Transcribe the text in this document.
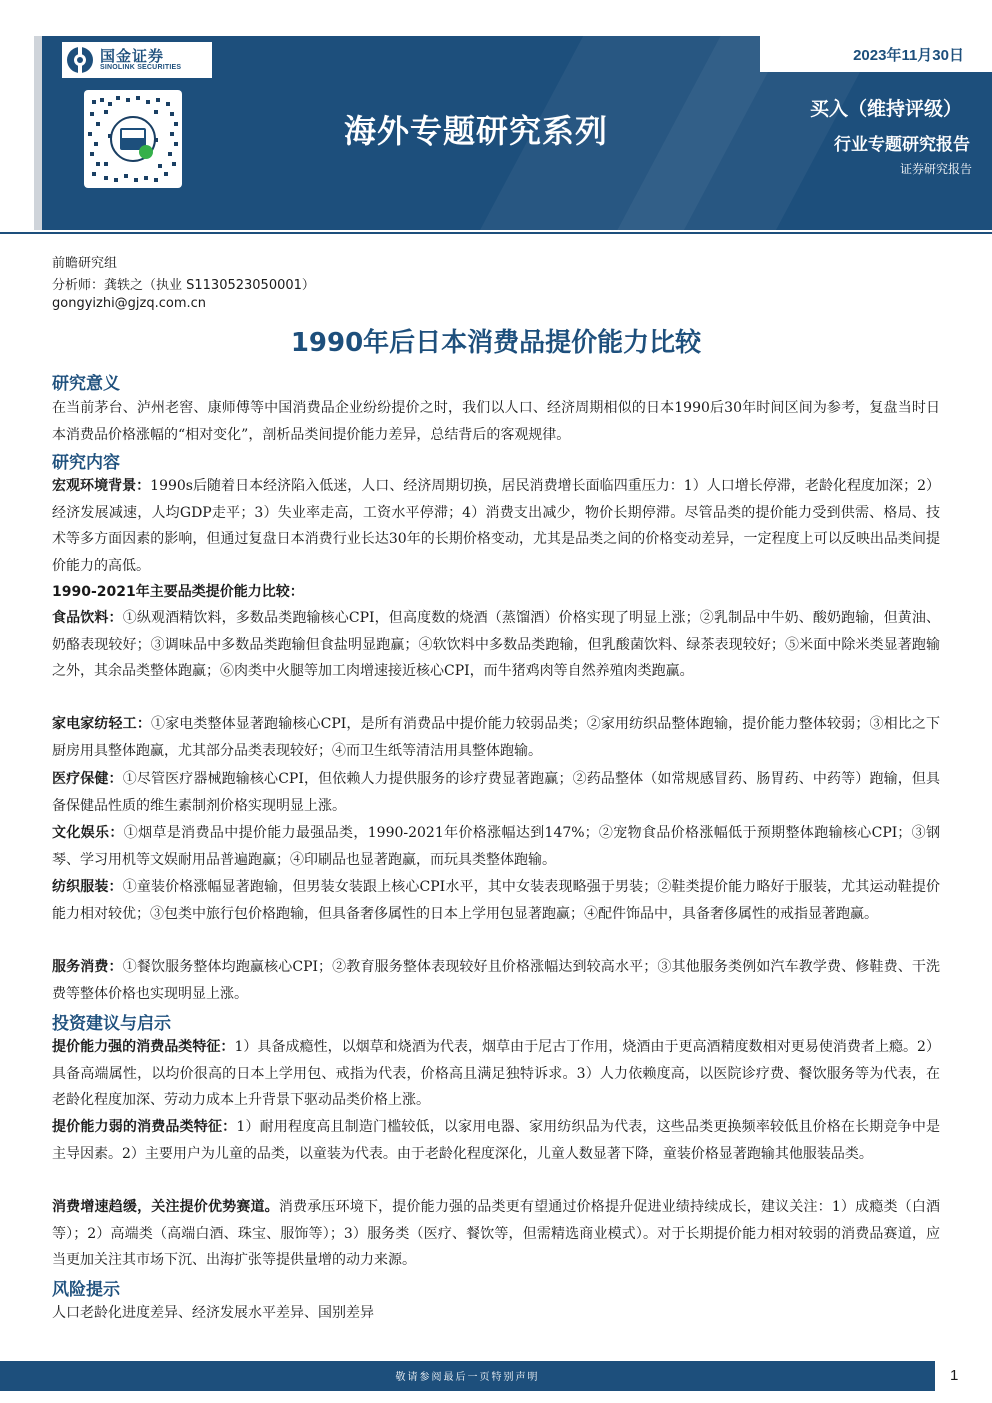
国金证券
SINOLINK SECURITIES
海外专题研究系列
2023年11月30日
买入（维持评级）
行业专题研究报告
证券研究报告
前瞻研究组
分析师：龚轶之（执业 S1130523050001）
gongyizhi@gjzq.com.cn
1990年后日本消费品提价能力比较
研究意义
在当前茅台、泸州老窖、康师傅等中国消费品企业纷纷提价之时，我们以人口、经济周期相似的日本1990后30年时间区间为参考，复盘当时日本消费品价格涨幅的“相对变化”，剖析品类间提价能力差异，总结背后的客观规律。
研究内容
宏观环境背景：1990s后随着日本经济陷入低迷，人口、经济周期切换，居民消费增长面临四重压力：1）人口增长停滞，老龄化程度加深；2）经济发展减速，人均GDP走平；3）失业率走高，工资水平停滞；4）消费支出减少，物价长期停滞。尽管品类的提价能力受到供需、格局、技术等多方面因素的影响，但通过复盘日本消费行业长达30年的长期价格变动，尤其是品类之间的价格变动差异，一定程度上可以反映出品类间提价能力的高低。
1990-2021年主要品类提价能力比较：
食品饮料：①纵观酒精饮料，多数品类跑输核心CPI，但高度数的烧酒（蒸馏酒）价格实现了明显上涨；②乳制品中牛奶、酸奶跑输，但黄油、奶酪表现较好；③调味品中多数品类跑输但食盐明显跑赢；④软饮料中多数品类跑输，但乳酸菌饮料、绿茶表现较好；⑤米面中除米类显著跑输之外，其余品类整体跑赢；⑥肉类中火腿等加工肉增速接近核心CPI，而牛猪鸡肉等自然养殖肉类跑赢。
家电家纺轻工：①家电类整体显著跑输核心CPI，是所有消费品中提价能力较弱品类；②家用纺织品整体跑输，提价能力整体较弱；③相比之下厨房用具整体跑赢，尤其部分品类表现较好；④而卫生纸等清洁用具整体跑输。
医疗保健：①尽管医疗器械跑输核心CPI，但依赖人力提供服务的诊疗费显著跑赢；②药品整体（如常规感冒药、肠胃药、中药等）跑输，但具备保健品性质的维生素制剂价格实现明显上涨。
文化娱乐：①烟草是消费品中提价能力最强品类，1990-2021年价格涨幅达到147%；②宠物食品价格涨幅低于预期整体跑输核心CPI；③钢琴、学习用机等文娱耐用品普遍跑赢；④印刷品也显著跑赢，而玩具类整体跑输。
纺织服装：①童装价格涨幅显著跑输，但男装女装跟上核心CPI水平，其中女装表现略强于男装；②鞋类提价能力略好于服装，尤其运动鞋提价能力相对较优；③包类中旅行包价格跑输，但具备奢侈属性的日本上学用包显著跑赢；④配件饰品中，具备奢侈属性的戒指显著跑赢。
服务消费：①餐饮服务整体均跑赢核心CPI；②教育服务整体表现较好且价格涨幅达到较高水平；③其他服务类例如汽车教学费、修鞋费、干洗费等整体价格也实现明显上涨。
投资建议与启示
提价能力强的消费品类特征：1）具备成瘾性，以烟草和烧酒为代表，烟草由于尼古丁作用，烧酒由于更高酒精度数相对更易使消费者上瘾。2）具备高端属性，以均价很高的日本上学用包、戒指为代表，价格高且满足独特诉求。3）人力依赖度高，以医院诊疗费、餐饮服务等为代表，在老龄化程度加深、劳动力成本上升背景下驱动品类价格上涨。
提价能力弱的消费品类特征：1）耐用程度高且制造门槛较低，以家用电器、家用纺织品为代表，这些品类更换频率较低且价格在长期竞争中是主导因素。2）主要用户为儿童的品类，以童装为代表。由于老龄化程度深化，儿童人数显著下降，童装价格显著跑输其他服装品类。
消费增速趋缓，关注提价优势赛道。消费承压环境下，提价能力强的品类更有望通过价格提升促进业绩持续成长，建议关注：1）成瘾类（白酒等）；2）高端类（高端白酒、珠宝、服饰等）；3）服务类（医疗、餐饮等，但需精选商业模式）。对于长期提价能力相对较弱的消费品赛道，应当更加关注其市场下沉、出海扩张等提供量增的动力来源。
风险提示
人口老龄化进度差异、经济发展水平差异、国别差异
敬请参阅最后一页特别声明	1
